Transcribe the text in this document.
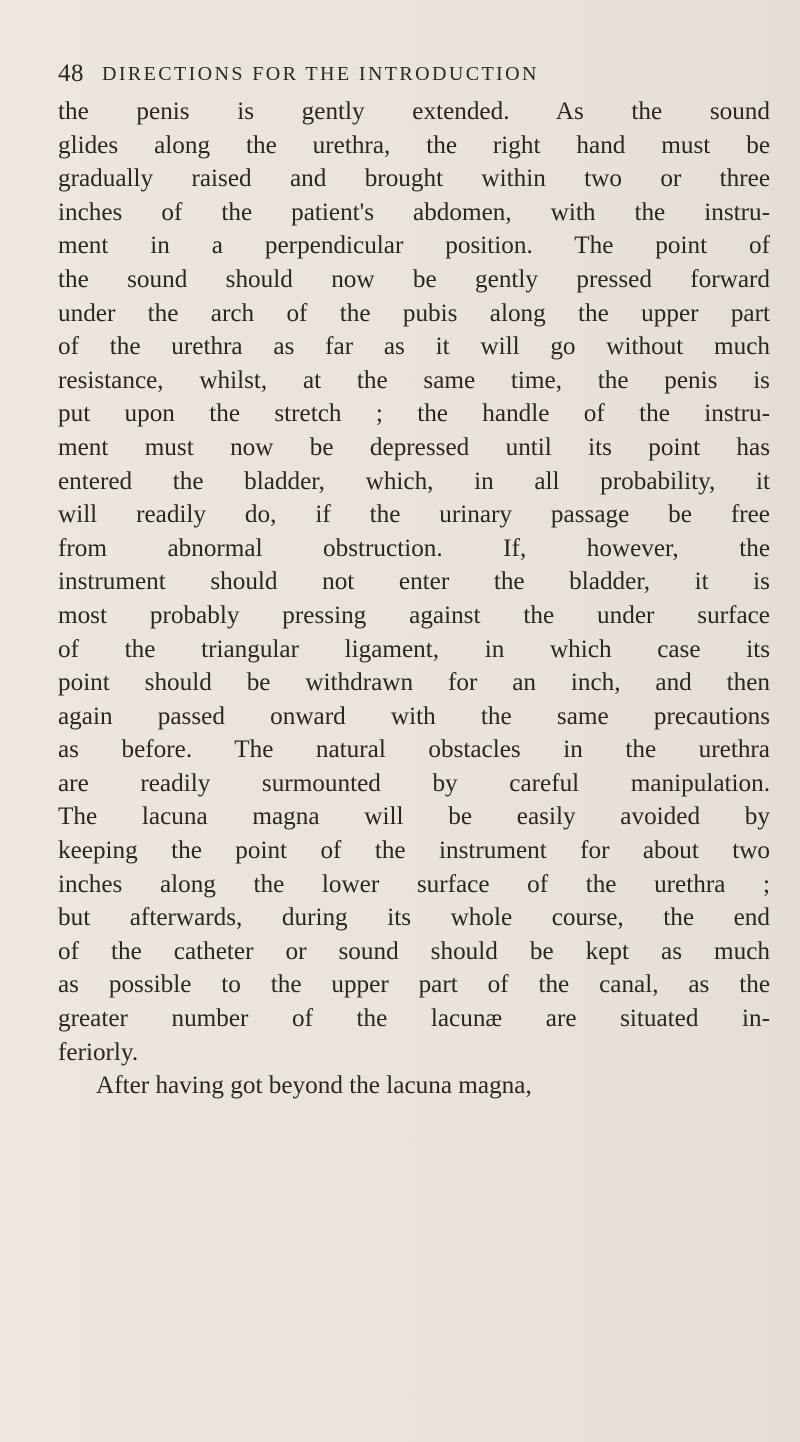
48 DIRECTIONS FOR THE INTRODUCTION
the penis is gently extended. As the sound
glides along the urethra, the right hand must be
gradually raised and brought within two or three
inches of the patient's abdomen, with the instru-
ment in a perpendicular position. The point of
the sound should now be gently pressed forward
under the arch of the pubis along the upper part
of the urethra as far as it will go without much
resistance, whilst, at the same time, the penis is
put upon the stretch ; the handle of the instru-
ment must now be depressed until its point has
entered the bladder, which, in all probability, it
will readily do, if the urinary passage be free
from abnormal obstruction. If, however, the
instrument should not enter the bladder, it is
most probably pressing against the under surface
of the triangular ligament, in which case its
point should be withdrawn for an inch, and then
again passed onward with the same precautions
as before. The natural obstacles in the urethra
are readily surmounted by careful manipulation.
The lacuna magna will be easily avoided by
keeping the point of the instrument for about two
inches along the lower surface of the urethra ;
but afterwards, during its whole course, the end
of the catheter or sound should be kept as much
as possible to the upper part of the canal, as the
greater number of the lacunæ are situated in-
feriorly.
After having got beyond the lacuna magna,
